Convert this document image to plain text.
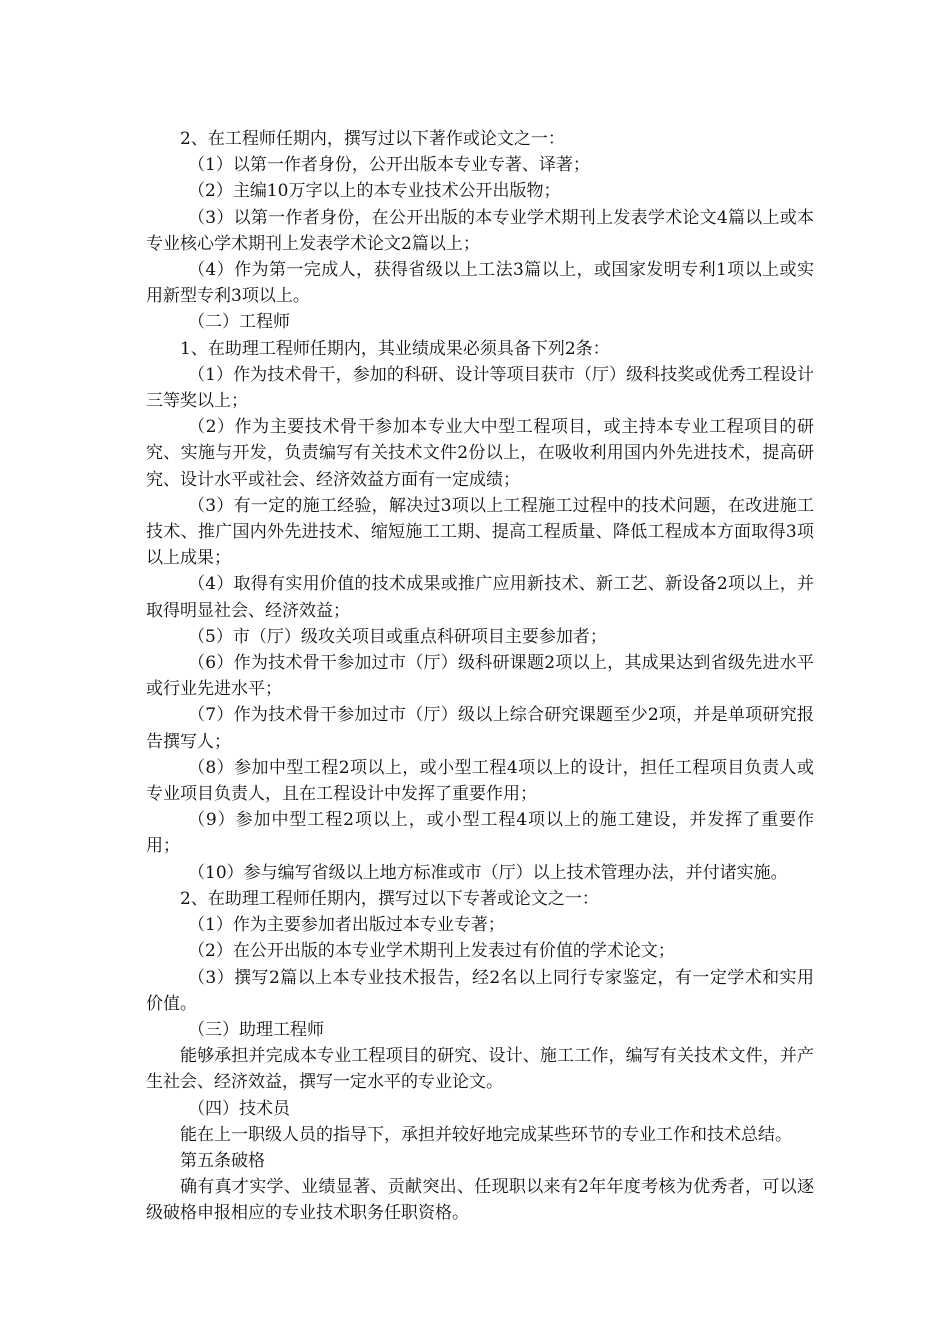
2、在工程师任期内，撰写过以下著作或论文之一：

（1）以第一作者身份，公开出版本专业专著、译著；

（2）主编10万字以上的本专业技术公开出版物；

（3）以第一作者身份，在公开出版的本专业学术期刊上发表学术论文4篇以上或本专业核心学术期刊上发表学术论文2篇以上；

（4）作为第一完成人，获得省级以上工法3篇以上，或国家发明专利1项以上或实用新型专利3项以上。

（二）工程师

1、在助理工程师任期内，其业绩成果必须具备下列2条：

（1）作为技术骨干，参加的科研、设计等项目获市（厅）级科技奖或优秀工程设计三等奖以上；

（2）作为主要技术骨干参加本专业大中型工程项目，或主持本专业工程项目的研究、实施与开发，负责编写有关技术文件2份以上，在吸收利用国内外先进技术，提高研究、设计水平或社会、经济效益方面有一定成绩；

（3）有一定的施工经验，解决过3项以上工程施工过程中的技术问题，在改进施工技术、推广国内外先进技术、缩短施工工期、提高工程质量、降低工程成本方面取得3项以上成果；

（4）取得有实用价值的技术成果或推广应用新技术、新工艺、新设备2项以上，并取得明显社会、经济效益；

（5）市（厅）级攻关项目或重点科研项目主要参加者；

（6）作为技术骨干参加过市（厅）级科研课题2项以上，其成果达到省级先进水平或行业先进水平；

（7）作为技术骨干参加过市（厅）级以上综合研究课题至少2项，并是单项研究报告撰写人；

（8）参加中型工程2项以上，或小型工程4项以上的设计，担任工程项目负责人或专业项目负责人，且在工程设计中发挥了重要作用；

（9）参加中型工程2项以上，或小型工程4项以上的施工建设，并发挥了重要作用；

（10）参与编写省级以上地方标准或市（厅）以上技术管理办法，并付诸实施。

2、在助理工程师任期内，撰写过以下专著或论文之一：

（1）作为主要参加者出版过本专业专著；

（2）在公开出版的本专业学术期刊上发表过有价值的学术论文；

（3）撰写2篇以上本专业技术报告，经2名以上同行专家鉴定，有一定学术和实用价值。

（三）助理工程师

能够承担并完成本专业工程项目的研究、设计、施工工作，编写有关技术文件，并产生社会、经济效益，撰写一定水平的专业论文。

（四）技术员

能在上一职级人员的指导下，承担并较好地完成某些环节的专业工作和技术总结。

第五条破格

确有真才实学、业绩显著、贡献突出、任现职以来有2年年度考核为优秀者，可以逐级破格申报相应的专业技术职务任职资格。
